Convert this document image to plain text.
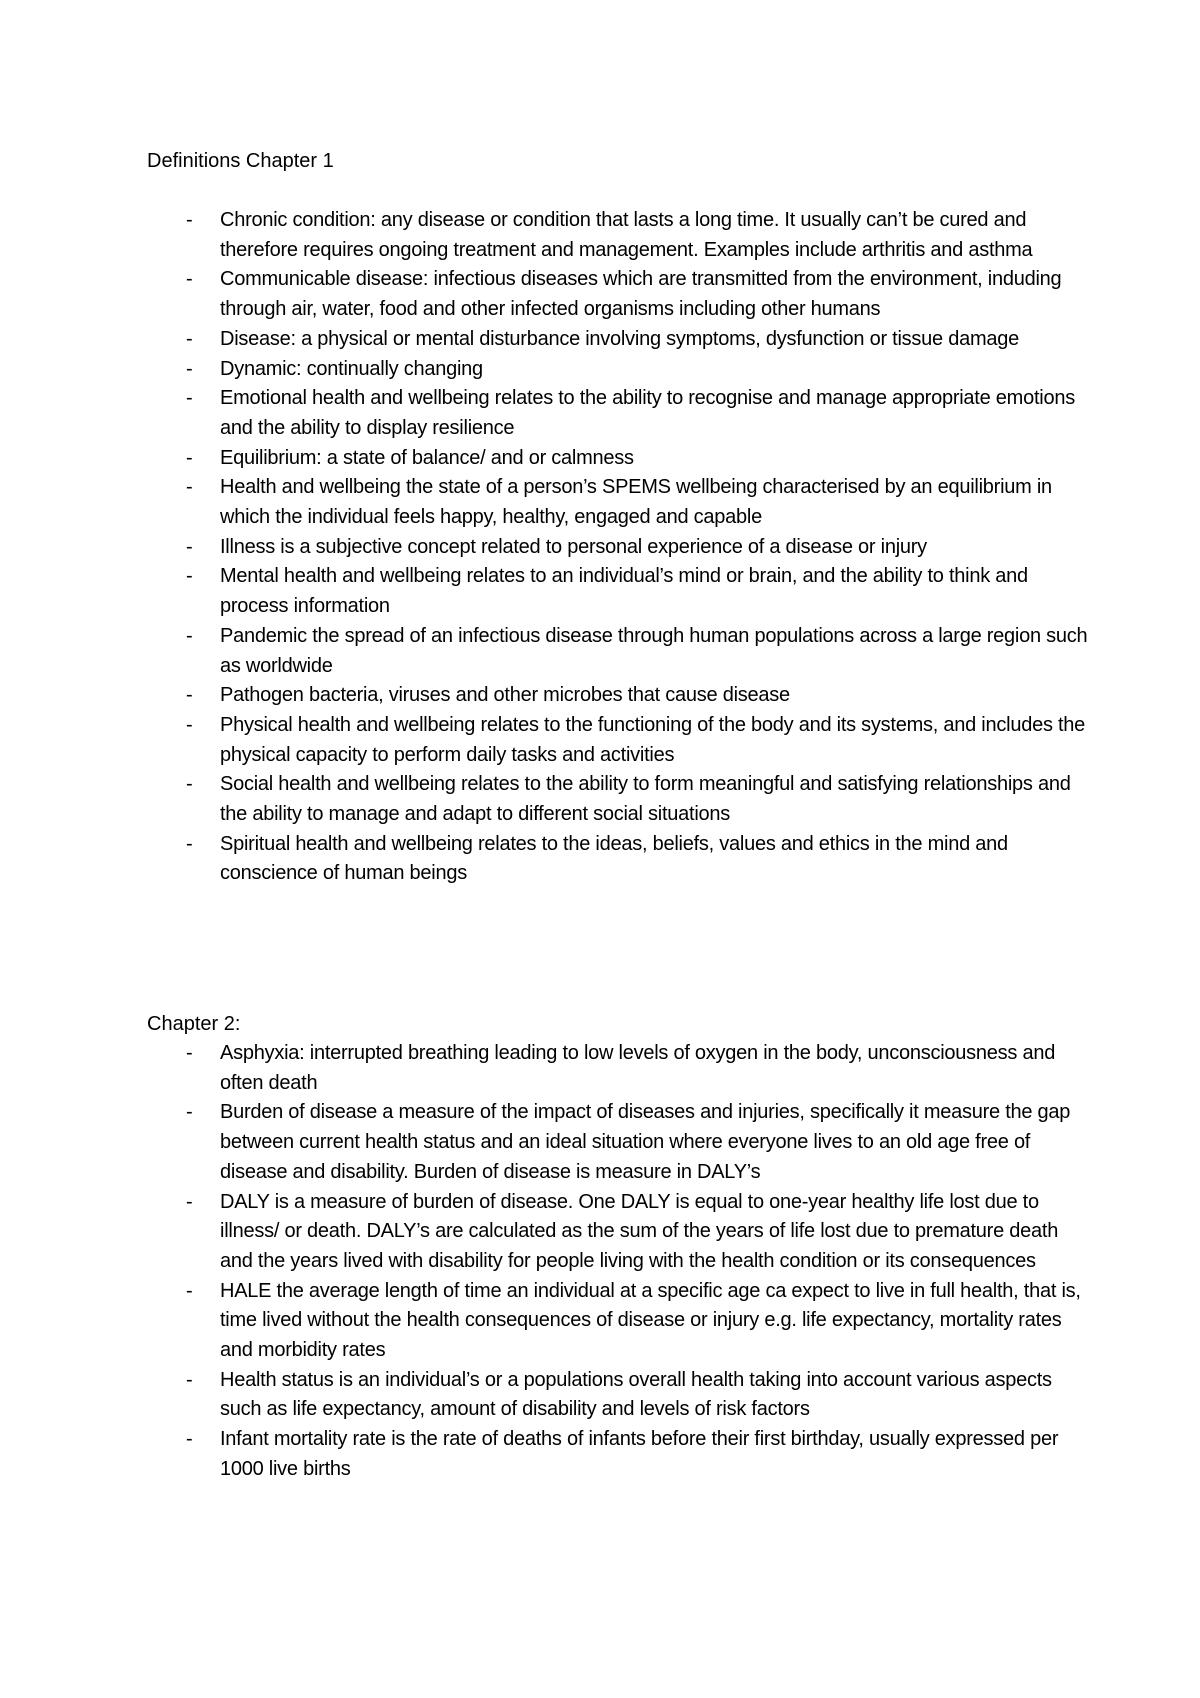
Definitions Chapter 1
- Chronic condition: any disease or condition that lasts a long time. It usually can’t be cured and therefore requires ongoing treatment and management. Examples include arthritis and asthma
- Communicable disease: infectious diseases which are transmitted from the environment, induding through air, water, food and other infected organisms including other humans
- Disease: a physical or mental disturbance involving symptoms, dysfunction or tissue damage
- Dynamic: continually changing
- Emotional health and wellbeing relates to the ability to recognise and manage appropriate emotions and the ability to display resilience
- Equilibrium: a state of balance/ and or calmness
- Health and wellbeing the state of a person’s SPEMS wellbeing characterised by an equilibrium in which the individual feels happy, healthy, engaged and capable
- Illness is a subjective concept related to personal experience of a disease or injury
- Mental health and wellbeing relates to an individual’s mind or brain, and the ability to think and process information
- Pandemic the spread of an infectious disease through human populations across a large region such as worldwide
- Pathogen bacteria, viruses and other microbes that cause disease
- Physical health and wellbeing relates to the functioning of the body and its systems, and includes the physical capacity to perform daily tasks and activities
- Social health and wellbeing relates to the ability to form meaningful and satisfying relationships and the ability to manage and adapt to different social situations
- Spiritual health and wellbeing relates to the ideas, beliefs, values and ethics in the mind and conscience of human beings
Chapter 2:
- Asphyxia: interrupted breathing leading to low levels of oxygen in the body, unconsciousness and often death
- Burden of disease a measure of the impact of diseases and injuries, specifically it measure the gap between current health status and an ideal situation where everyone lives to an old age free of disease and disability. Burden of disease is measure in DALY’s
- DALY is a measure of burden of disease. One DALY is equal to one-year healthy life lost due to illness/ or death. DALY’s are calculated as the sum of the years of life lost due to premature death and the years lived with disability for people living with the health condition or its consequences
- HALE the average length of time an individual at a specific age ca expect to live in full health, that is, time lived without the health consequences of disease or injury e.g. life expectancy, mortality rates and morbidity rates
- Health status is an individual’s or a populations overall health taking into account various aspects such as life expectancy, amount of disability and levels of risk factors
- Infant mortality rate is the rate of deaths of infants before their first birthday, usually expressed per 1000 live births
